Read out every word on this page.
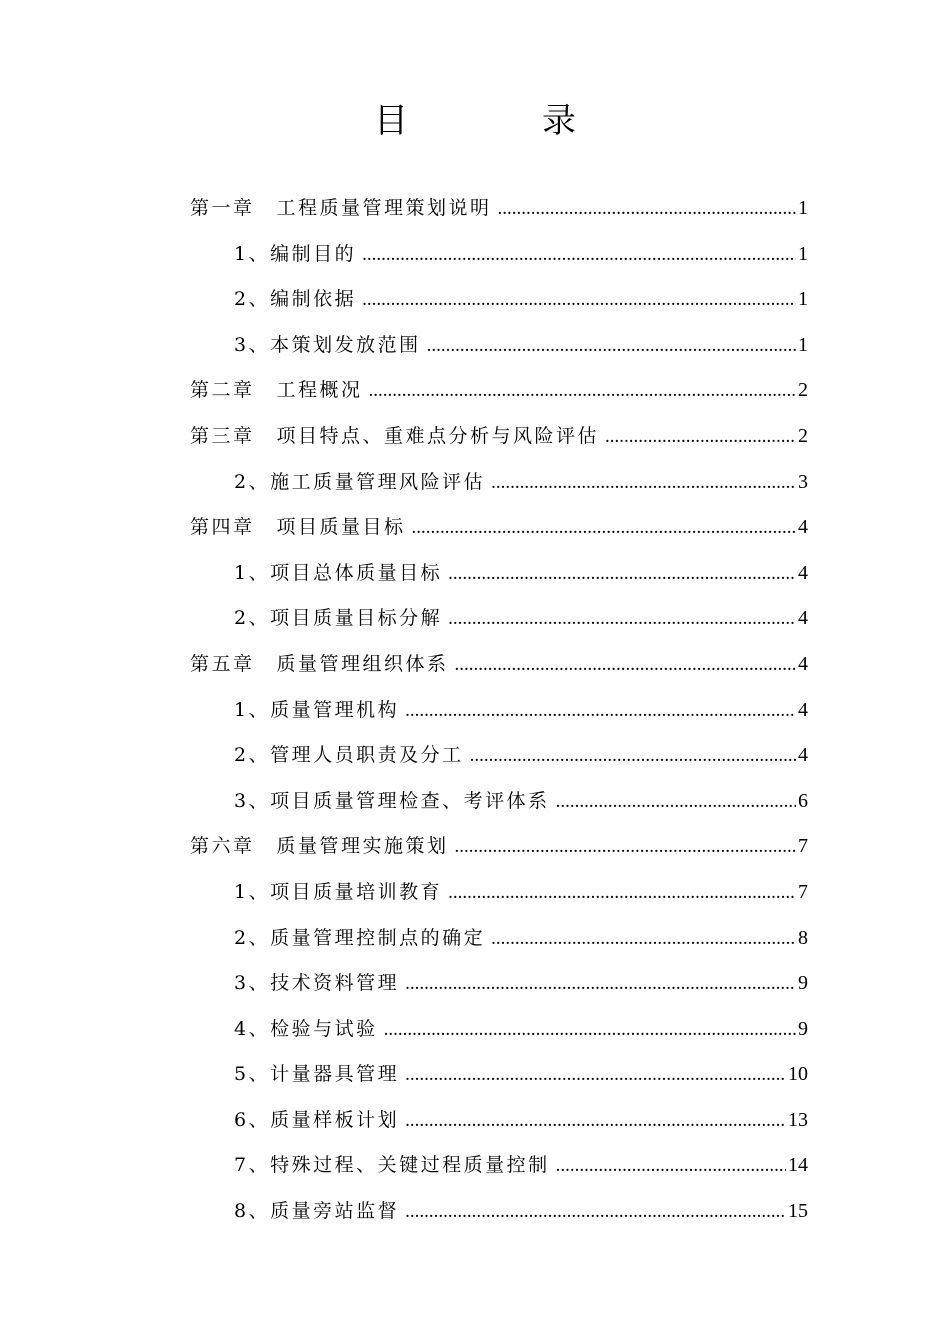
目　录
第一章 工程质量管理策划说明 .....	1
1、编制目的 .....	1
2、编制依据 .....	1
3、本策划发放范围 .....	1
第二章 工程概况 .....	2
第三章 项目特点、重难点分析与风险评估 .....	2
2、施工质量管理风险评估 .....	3
第四章 项目质量目标 .....	4
1、项目总体质量目标 .....	4
2、项目质量目标分解 .....	4
第五章 质量管理组织体系 .....	4
1、质量管理机构 .....	4
2、管理人员职责及分工 .....	4
3、项目质量管理检查、考评体系 .....	6
第六章 质量管理实施策划 .....	7
1、项目质量培训教育 .....	7
2、质量管理控制点的确定 .....	8
3、技术资料管理 .....	9
4、检验与试验 .....	9
5、计量器具管理 .....	10
6、质量样板计划 .....	13
7、特殊过程、关键过程质量控制 .....	14
8、质量旁站监督 .....	15
